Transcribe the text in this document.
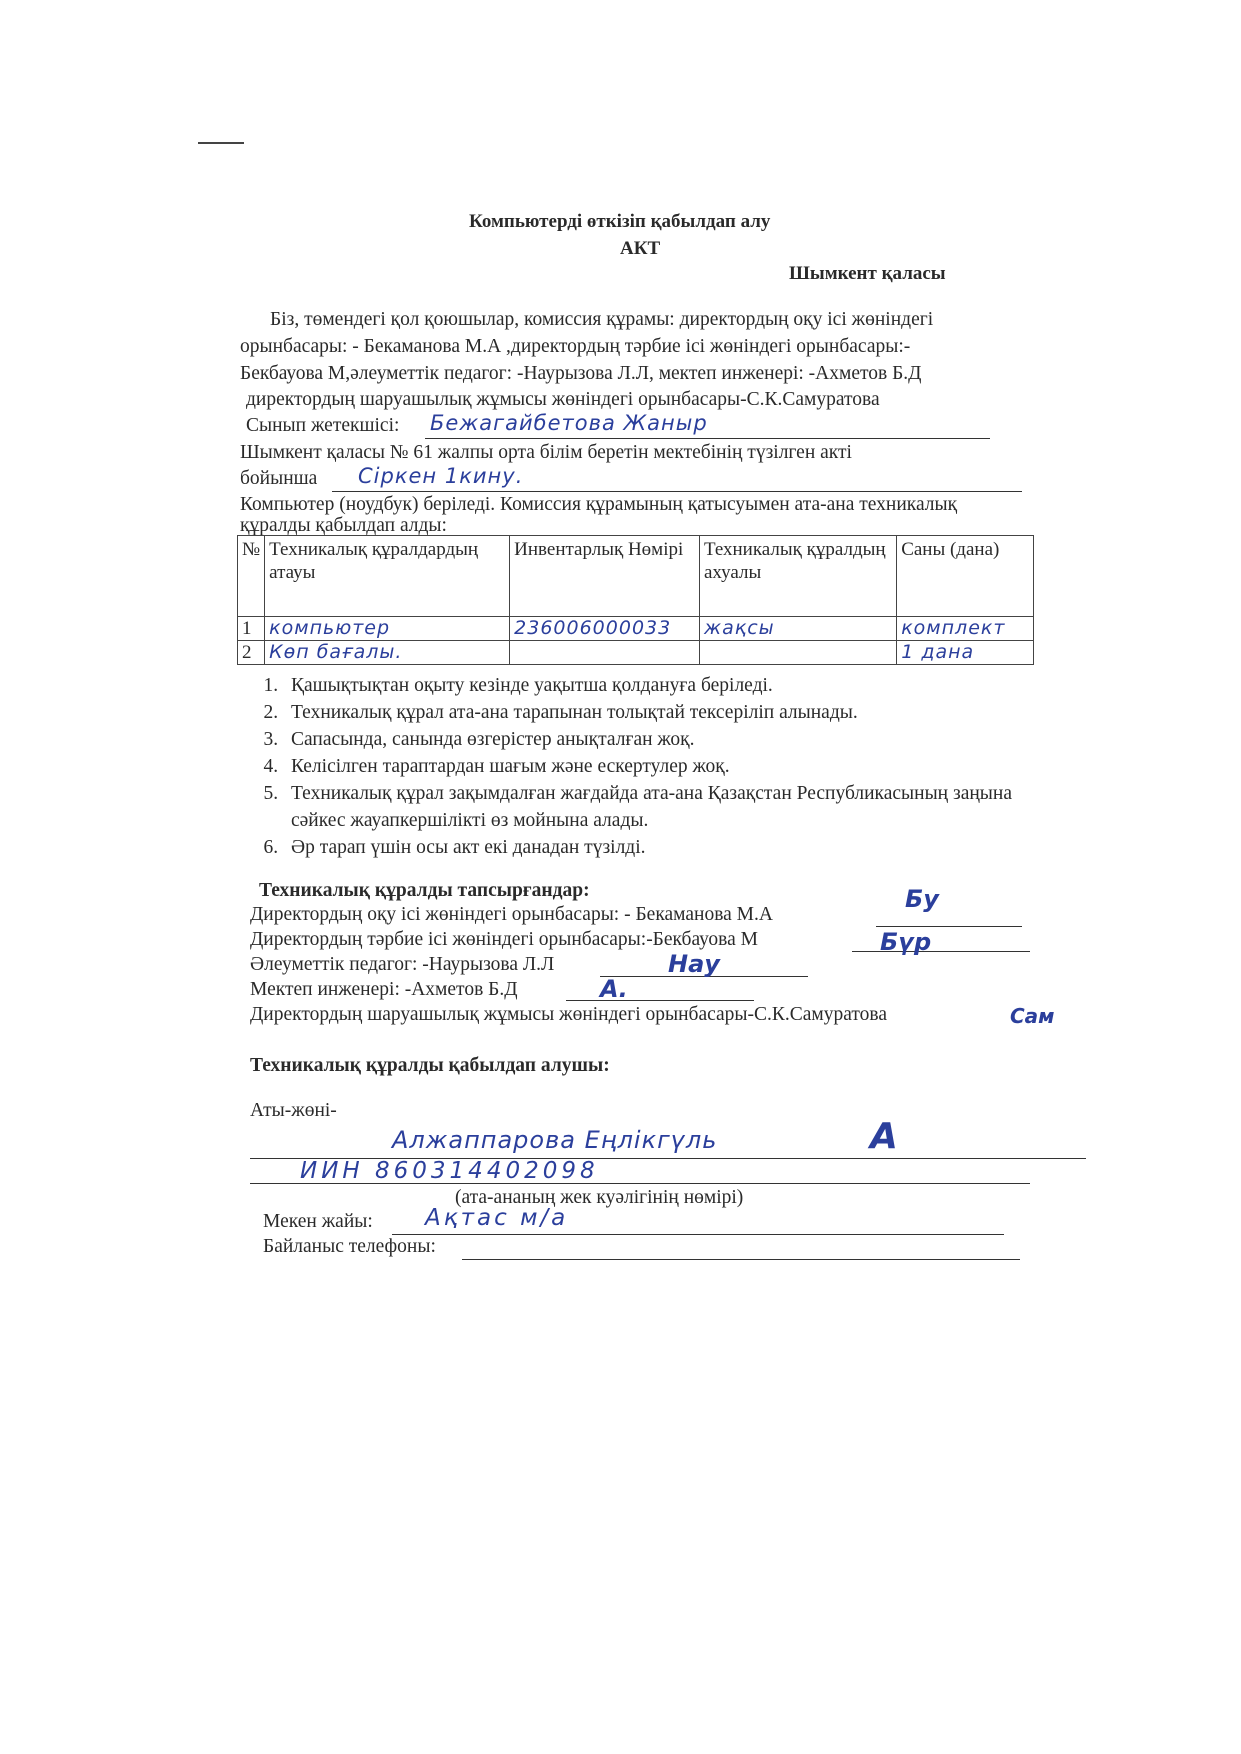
Компьютерді өткізіп қабылдап алу
АКТ
Шымкент қаласы
Біз, төмендегі қол қоюшылар, комиссия құрамы: директордың оқу ісі жөніндегі
орынбасары: - Бекаманова М.А ,директордың тәрбие ісі жөніндегі орынбасары:-
Бекбауова М,әлеуметтік педагог: -Наурызова Л.Л, мектеп инженері: -Ахметов Б.Д
директордың шаруашылық жұмысы жөніндегі орынбасары-С.К.Самуратова
Сынып жетекшісі: Бежагайбетова Жаныр
Шымкент қаласы № 61 жалпы орта білім беретін мектебінің түзілген акті
бойынша Сіркен 1кину.
Компьютер (ноудбук) беріледі. Комиссия құрамының қатысуымен ата-ана техникалық
құралды қабылдап алды:
№	Техникалық құралдардың атауы	Инвентарлық Нөмірі	Техникалық құралдың ахуалы	Саны (дана)
1	компьютер	236006000033	жақсы	комплект
2	Көп бағалы.			1 дана
1. Қашықтықтан оқыту кезінде уақытша қолдануға беріледі.
2. Техникалық құрал ата-ана тарапынан толықтай тексеріліп алынады.
3. Сапасында, санында өзгерістер анықталған жоқ.
4. Келісілген тараптардан шағым және ескертулер жоқ.
5. Техникалық құрал зақымдалған жағдайда ата-ана Қазақстан Республикасының заңына сәйкес жауапкершілікті өз мойнына алады.
6. Әр тарап үшін осы акт екі данадан түзілді.
Техникалық құралды тапсырғандар:
Директордың оқу ісі жөніндегі орынбасары: - Бекаманова М.А
Бу
Директордың тәрбие ісі жөніндегі орынбасары:-Бекбауова М	Бүр
Әлеуметтік педагог: -Наурызова Л.Л	Нау
Мектеп инженері: -Ахметов Б.Д	А.
Директордың шаруашылық жұмысы жөніндегі орынбасары-С.К.Самуратова	Сам
Техникалық құралды қабылдап алушы:
Аты-жөні-
Алжаппарова Еңлікгүль	А
ИИН 860314402098
(ата-ананың жек куәлігінің нөмірі)
Мекен жайы: Ақтас м/а
Байланыс телефоны:
